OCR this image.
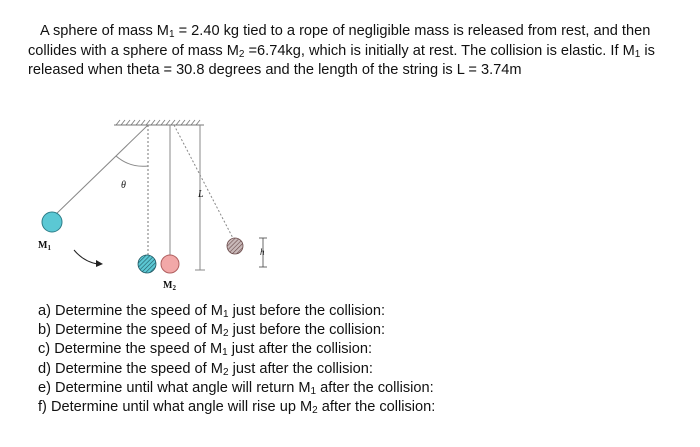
A sphere of mass $M_1 = 2.40$ kg tied to a rope of negligible mass is released from rest, and then collides with a sphere of mass $M_2 =6.74kg$, which is initially at rest. The collision is elastic. If $M_1$ is released when theta = 30.8 degrees and the length of the string is L = 3.74m
θ
L
h
$M_1$
$M_2$
a) Determine the speed of $M_1$ just before the collision:
b) Determine the speed of $M_2$ just before the collision:
c) Determine the speed of $M_1$ just after the collision:
d) Determine the speed of $M_2$ just after the collision:
e) Determine until what angle will return $M_1$ after the collision:
f) Determine until what angle will rise up $M_2$ after the collision:
